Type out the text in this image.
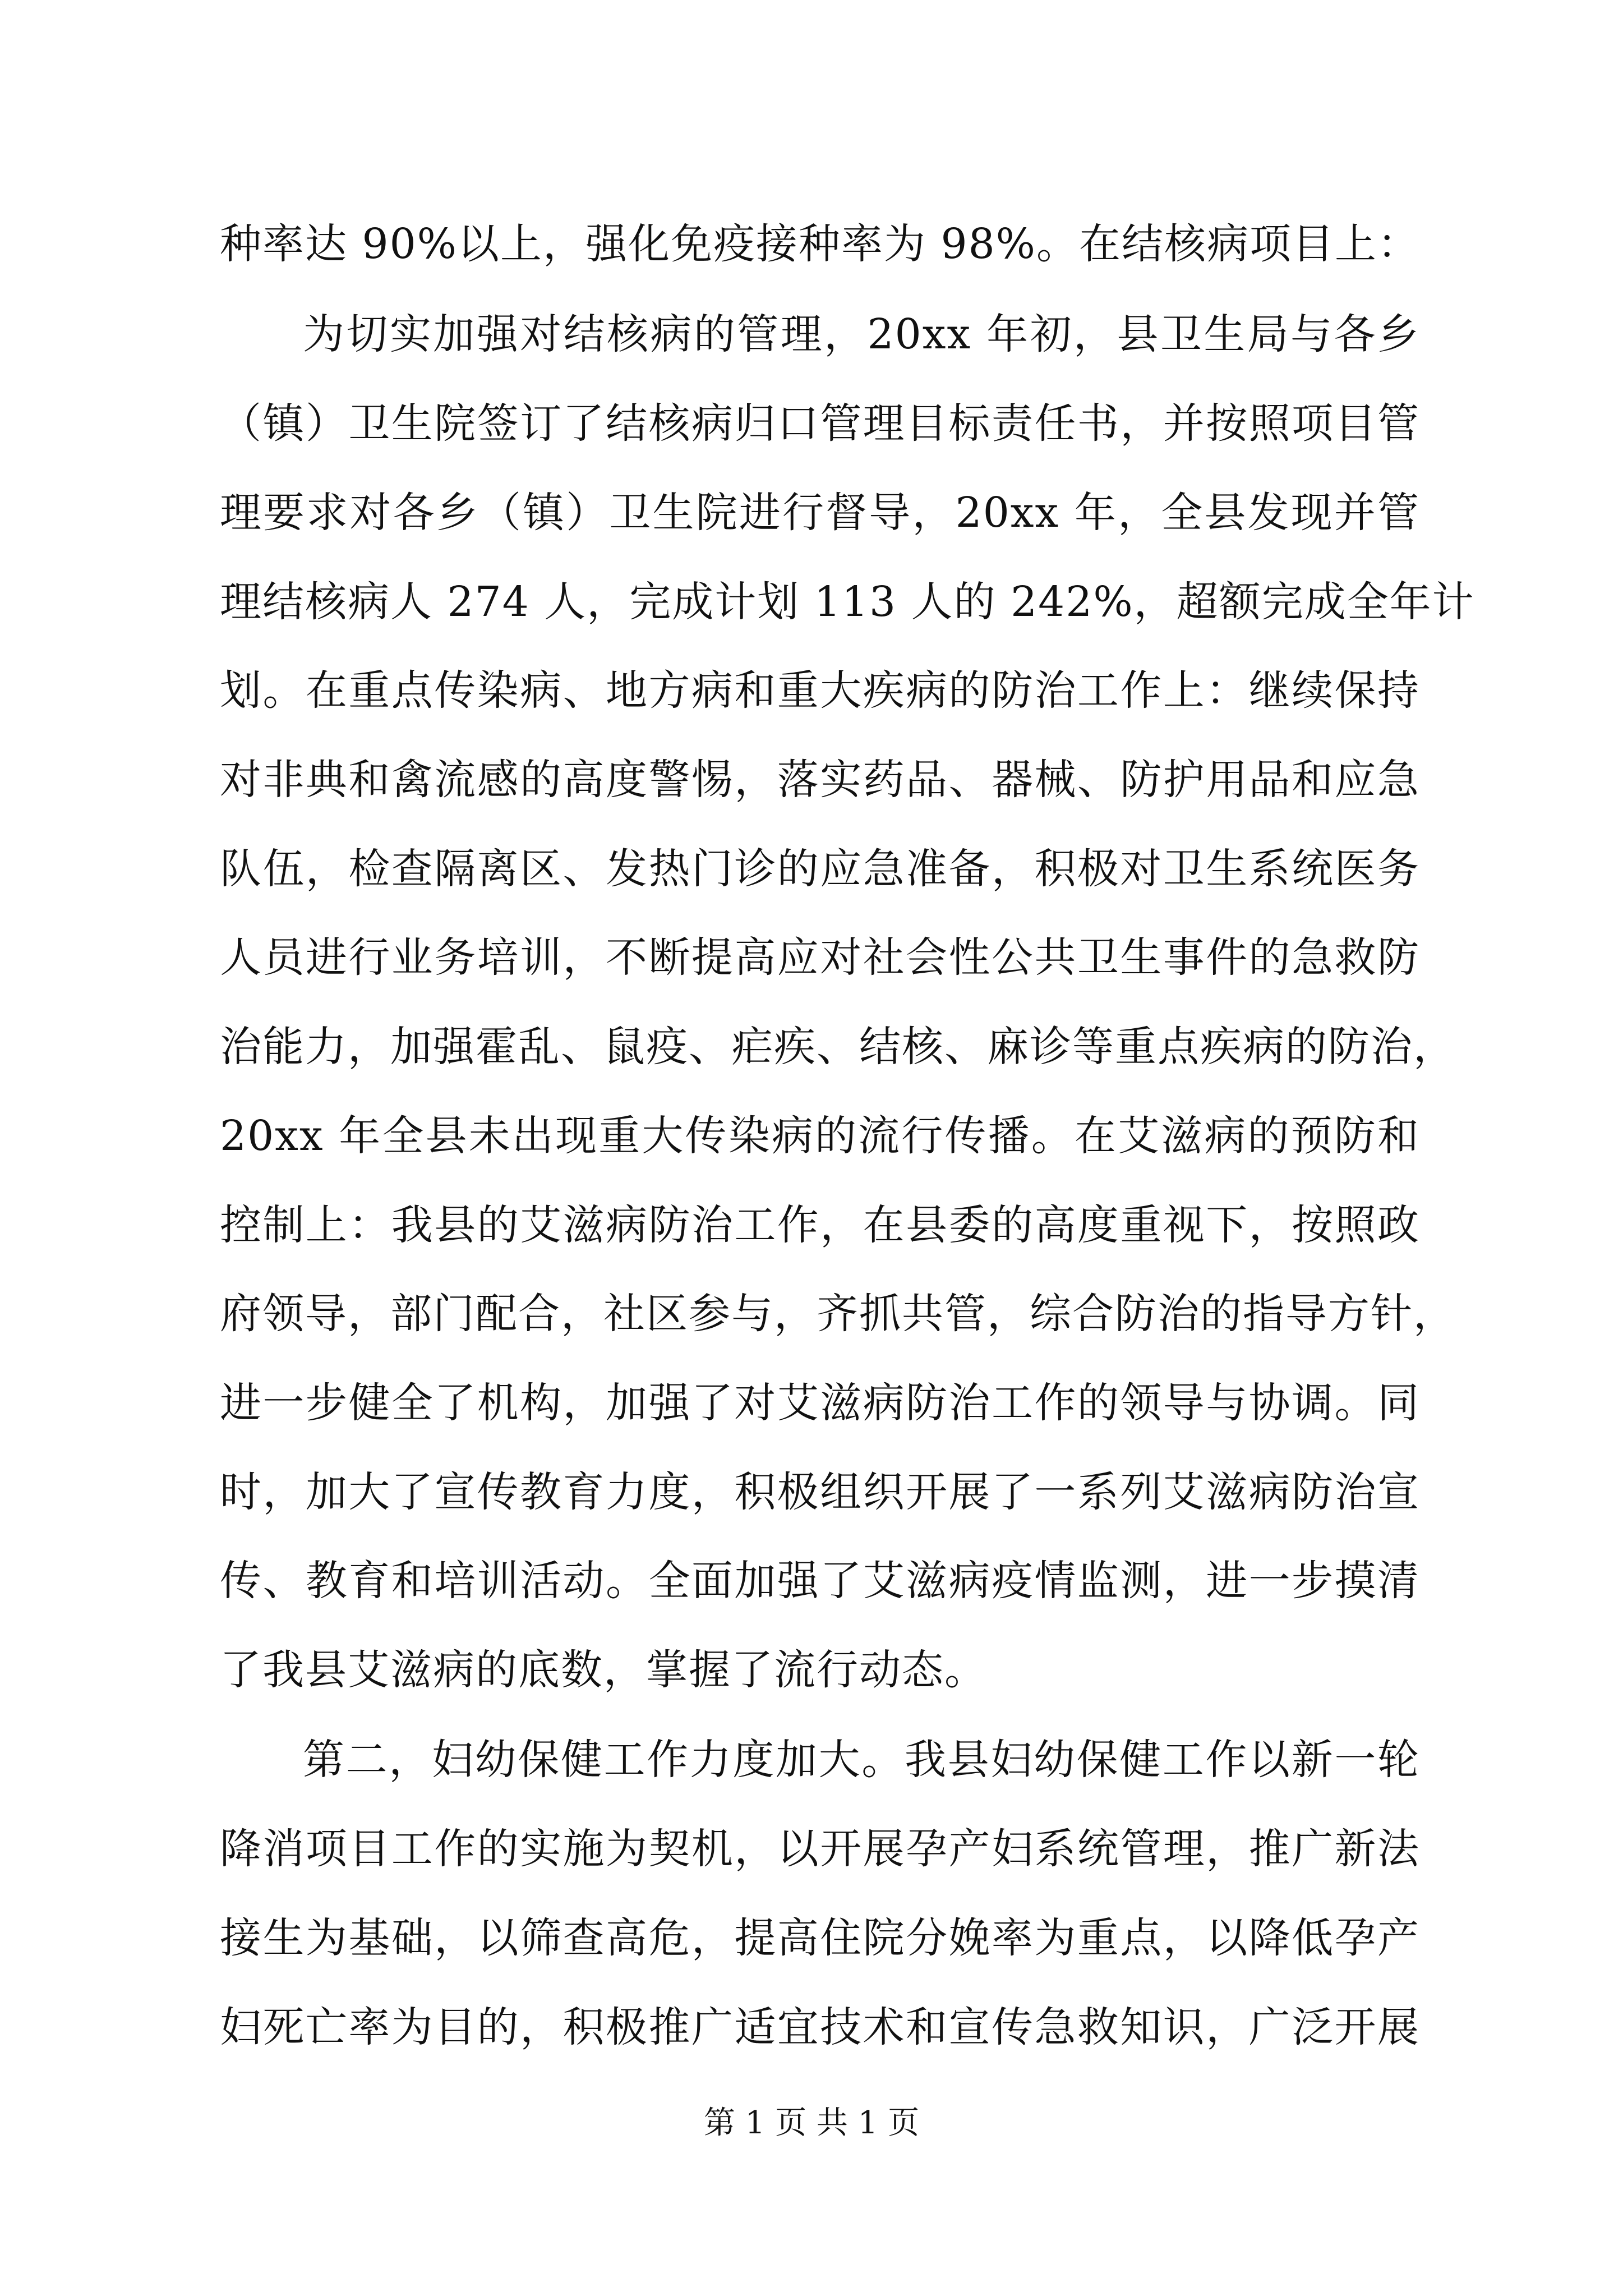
种率达 90%以上，强化免疫接种率为 98%。在结核病项目上：
为切实加强对结核病的管理，20xx 年初，县卫生局与各乡
（镇）卫生院签订了结核病归口管理目标责任书，并按照项目管
理要求对各乡（镇）卫生院进行督导，20xx 年，全县发现并管
理结核病人 274 人，完成计划 113 人的 242%，超额完成全年计
划。在重点传染病、地方病和重大疾病的防治工作上：继续保持
对非典和禽流感的高度警惕，落实药品、器械、防护用品和应急
队伍，检查隔离区、发热门诊的应急准备，积极对卫生系统医务
人员进行业务培训，不断提高应对社会性公共卫生事件的急救防
治能力，加强霍乱、鼠疫、疟疾、结核、麻诊等重点疾病的防治，
20xx 年全县未出现重大传染病的流行传播。在艾滋病的预防和
控制上：我县的艾滋病防治工作，在县委的高度重视下，按照政
府领导，部门配合，社区参与，齐抓共管，综合防治的指导方针，
进一步健全了机构，加强了对艾滋病防治工作的领导与协调。同
时，加大了宣传教育力度，积极组织开展了一系列艾滋病防治宣
传、教育和培训活动。全面加强了艾滋病疫情监测，进一步摸清
了我县艾滋病的底数，掌握了流行动态。
第二，妇幼保健工作力度加大。我县妇幼保健工作以新一轮
降消项目工作的实施为契机，以开展孕产妇系统管理，推广新法
接生为基础，以筛查高危，提高住院分娩率为重点，以降低孕产
妇死亡率为目的，积极推广适宜技术和宣传急救知识，广泛开展
第 1 页 共 1 页
